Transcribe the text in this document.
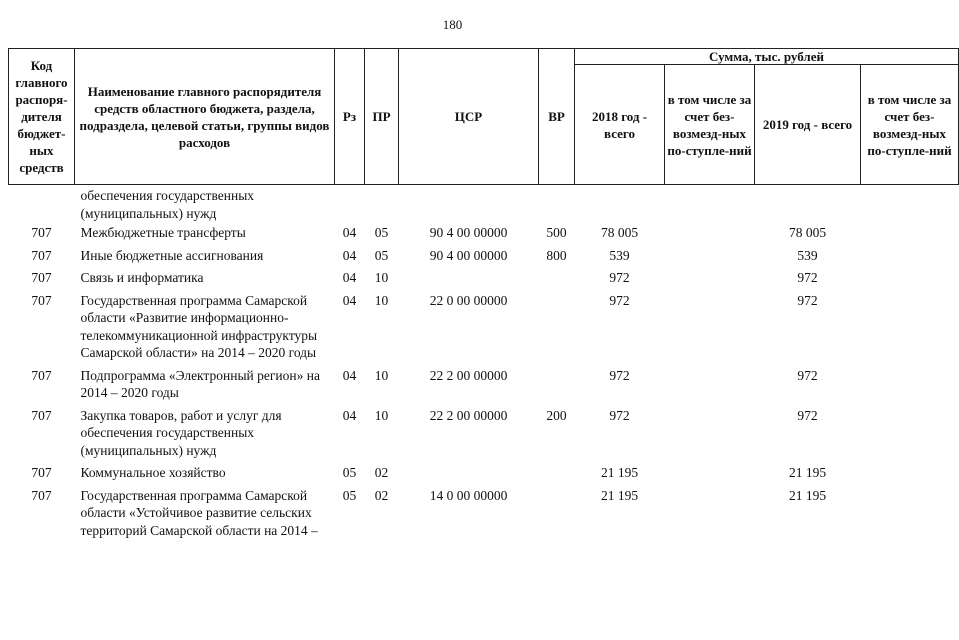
180
Код главного распоря-дителя бюджет-ных средств	Наименование главного распорядителя средств областного бюджета, раздела, подраздела, целевой статьи, группы видов расходов	Рз	ПР	ЦСР	ВР	Сумма, тыс. рублей			
						2018 год - всего	в том числе за счет без-возмезд-ных по-ступле-ний	2019 год - всего	в том числе за счет без-возмезд-ных по-ступле-ний
	обеспечения государственных (муниципальных) нужд								
707	Межбюджетные трансферты	04	05	90 4 00 00000	500	78 005		78 005	
707	Иные бюджетные ассигнования	04	05	90 4 00 00000	800	539		539	
707	Связь и информатика	04	10			972		972	
707	Государственная программа Самарской области «Развитие информационно-телекоммуникационной инфраструктуры Самарской области» на 2014 – 2020 годы	04	10	22 0 00 00000		972		972	
707	Подпрограмма «Электронный регион» на 2014 – 2020 годы	04	10	22 2 00 00000		972		972	
707	Закупка товаров, работ и услуг для обеспечения государственных (муниципальных) нужд	04	10	22 2 00 00000	200	972		972	
707	Коммунальное хозяйство	05	02			21 195		21 195	
707	Государственная программа Самарской области «Устойчивое развитие сельских территорий Самарской области на 2014 –	05	02	14 0 00 00000		21 195		21 195	
